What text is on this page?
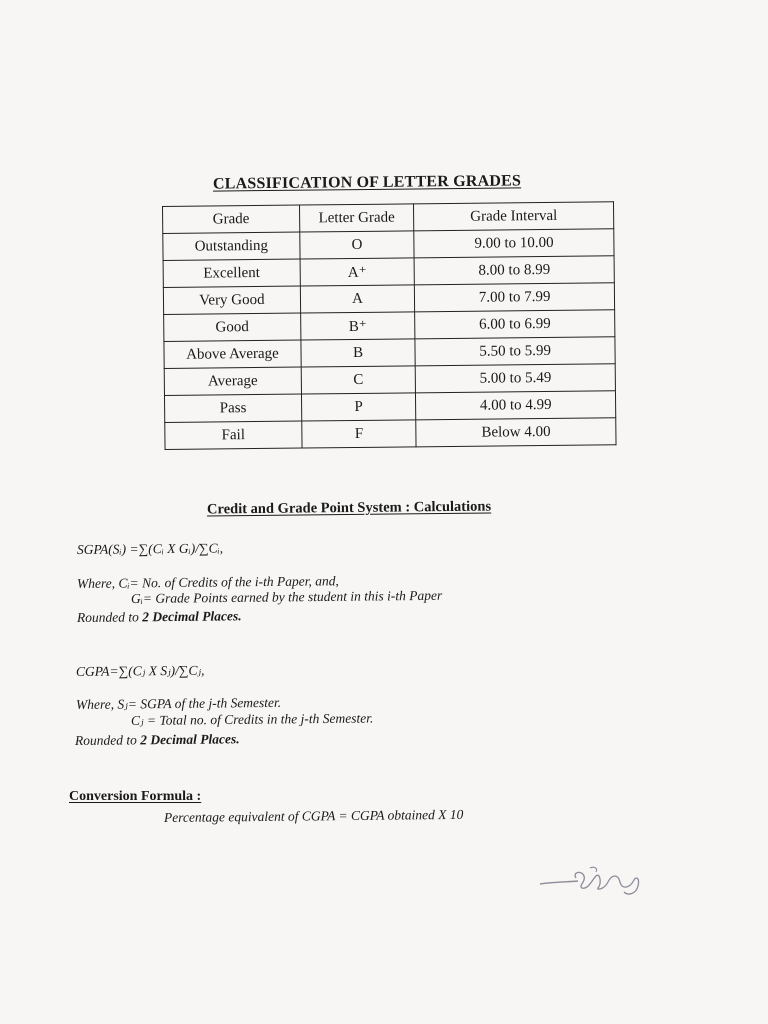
CLASSIFICATION OF LETTER GRADES
Grade	Letter Grade	Grade Interval
Outstanding	O	9.00 to 10.00
Excellent	A⁺	8.00 to 8.99
Very Good	A	7.00 to 7.99
Good	B⁺	6.00 to 6.99
Above Average	B	5.50 to 5.99
Average	C	5.00 to 5.49
Pass	P	4.00 to 4.99
Fail	F	Below 4.00
Credit and Grade Point System : Calculations
SGPA(Sᵢ) =∑(Cᵢ X Gᵢ)/∑Cᵢ,
Where, Cᵢ= No. of Credits of the i-th Paper, and,
Gᵢ= Grade Points earned by the student in this i-th Paper
Rounded to 2 Decimal Places.
CGPA=∑(Cⱼ X Sⱼ)/∑Cⱼ,
Where, Sⱼ= SGPA of the j-th Semester.
Cⱼ = Total no. of Credits in the j-th Semester.
Rounded to 2 Decimal Places.
Conversion Formula :
Percentage equivalent of CGPA = CGPA obtained X 10
